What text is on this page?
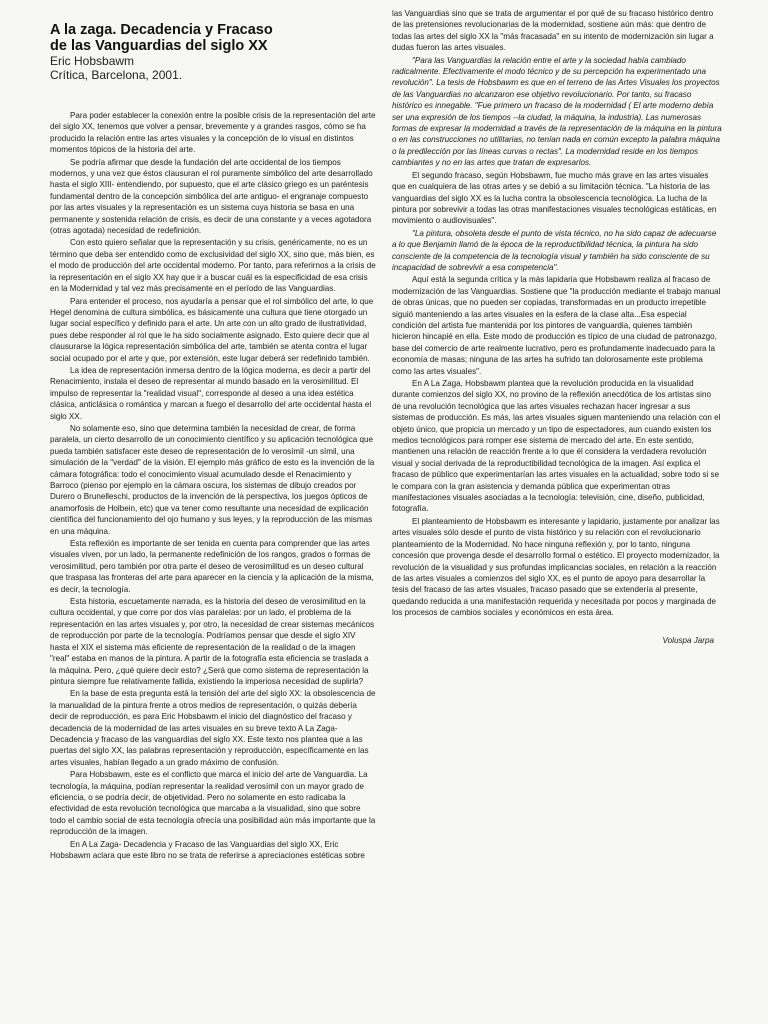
A la zaga. Decadencia y Fracaso

de las Vanguardias del siglo XX

Eric Hobsbawm

Crítica, Barcelona, 2001.

Para poder establecer la conexión entre la posible crisis de la representación del arte del siglo XX, tenemos que volver a pensar, brevemente y a grandes rasgos, cómo se ha producido la relación entre las artes visuales y la concepción de lo visual en distintos momentos tópicos de la historia del arte.

Se podría afirmar que desde la fundación del arte occidental de los tiempos modernos, y una vez que éstos clausuran el rol puramente simbólico del arte desarrollado hasta el siglo XIII- entendiendo, por supuesto, que el arte clásico griego es un paréntesis fundamental dentro de la concepción simbólica del arte antiguo- el engranaje compuesto por las artes visuales y la representación es un sistema cuya historia se basa en una permanente y sostenida relación de crisis, es decir de una constante y a veces agotadora (otras agotada) necesidad de redefinición.

Con esto quiero señalar que la representación y su crisis, genéricamente, no es un término que deba ser entendido como de exclusividad del siglo XX, sino que, más bien, es el modo de producción del arte occidental moderno. Por tanto, para referirnos a la crisis de la representación en el siglo XX hay que ir a buscar cuál es la especificidad de esa crisis en la Modernidad y tal vez más precisamente en el período de las Vanguardias.

Para entender el proceso, nos ayudaría a pensar que el rol simbólico del arte, lo que Hegel denomina de cultura simbólica, es básicamente una cultura que tiene otorgado un lugar social específico y definido para el arte. Un arte con un alto grado de ilustratividad, pues debe responder al rol que le ha sido socialmente asignado. Esto quiere decir que al clausurarse la lógica representación simbólica del arte, también se atenta contra el lugar social ocupado por el arte y que, por extensión, este lugar deberá ser redefinido también.

La idea de representación inmersa dentro de la lógica moderna, es decir a partir del Renacimiento, instala el deseo de representar al mundo basado en la verosimilitud. El impulso de representar la "realidad visual", corresponde al deseo a una idea estética clásica, anticlásica o romántica y marcan a fuego el desarrollo del arte occidental hasta el siglo XX.

No solamente eso, sino que determina también la necesidad de crear, de forma paralela, un cierto desarrollo de un conocimiento científico y su aplicación tecnológica que pueda también satisfacer este deseo de representación de lo verosímil -un símil, una simulación de la "verdad" de la visión. El ejemplo más gráfico de esto es la invención de la cámara fotográfica: todo el conocimiento visual acumulado desde el Renacimiento y Barroco (pienso por ejemplo en la cámara oscura, los sistemas de dibujo creados por Durero o Brunelleschi, productos de la invención de la perspectiva, los juegos ópticos de anamorfosis de Holbein, etc) que va tener como resultante una necesidad de explicación científica del funcionamiento del ojo humano y sus leyes, y la reproducción de las mismas en una máquina.

Esta reflexión es importante de ser tenida en cuenta para comprender que las artes visuales viven, por un lado, la permanente redefinición de los rangos, grados o formas de verosimilitud, pero también por otra parte el deseo de verosimilitud es un deseo cultural que traspasa las fronteras del arte para aparecer en la ciencia y la aplicación de la misma, es decir, la tecnología.

Esta historia, escuetamente narrada, es la historia del deseo de verosimilitud en la cultura occidental, y que corre por dos vías paralelas: por un lado, el problema de la representación en las artes visuales y, por otro, la necesidad de crear sistemas mecánicos de reproducción por parte de la tecnología. Podríamos pensar que desde el siglo XIV hasta el XIX el sistema más eficiente de representación de la realidad o de la imagen "real" estaba en manos de la pintura. A partir de la fotografía esta eficiencia se traslada a la máquina. Pero, ¿qué quiere decir esto? ¿Será que como sistema de representación la pintura siempre fue relativamente fallida, existiendo la imperiosa necesidad de suplirla?

En la base de esta pregunta está la tensión del arte del siglo XX: la obsolescencia de la manualidad de la pintura frente a otros medios de representación, o quizás debería decir de reproducción, es para Eric Hobsbawm el inicio del diagnóstico del fracaso y decadencia de la modernidad de las artes visuales en su breve texto A La Zaga- Decadencia y fracaso de las vanguardias del siglo XX. Este texto nos plantea que a las puertas del siglo XX, las palabras representación y reproducción, específicamente en las artes visuales, habían llegado a un grado máximo de confusión.

Para Hobsbawm, este es el conflicto que marca el inicio del arte de Vanguardia. La tecnología, la máquina, podían representar la realidad verosímil con un mayor grado de eficiencia, o se podría decir, de objetividad. Pero no solamente en esto radicaba la efectividad de esta revolución tecnológica que marcaba a la visualidad, sino que sobre todo el cambio social de esta tecnología ofrecía una posibilidad aún más importante que la reproducción de la imagen.

En A La Zaga- Decadencia y Fracaso de las Vanguardias del siglo XX, Eric Hobsbawm aclara que este libro no se trata de referirse a apreciaciones estéticas sobre

las Vanguardias sino que se trata de argumentar el por qué de su fracaso histórico dentro de las pretensiones revolucionarias de la modernidad, sostiene aún más: que dentro de todas las artes del siglo XX la "más fracasada" en su intento de modernización sin lugar a dudas fueron las artes visuales.

"Para las Vanguardias la relación entre el arte y la sociedad había cambiado radicalmente. Efectivamente el modo técnico y de su percepción ha experimentado una revolución". La tesis de Hobsbawm es que en el terreno de las Artes Visuales los proyectos de las Vanguardias no alcanzaron ese objetivo revolucionario. Por tanto, su fracaso histórico es innegable. "Fue primero un fracaso de la modernidad ( El arte moderno debía ser una expresión de los tiempos --la ciudad, la máquina, la industria). Las numerosas formas de expresar la modernidad a través de la representación de la máquina en la pintura o en las construcciones no utilitarias, no tenían nada en común excepto la palabra máquina o la predilección por las líneas curvas o rectas". La modernidad reside en los tiempos cambiantes y no en las artes que tratan de expresarlos.

El segundo fracaso, según Hobsbawm, fue mucho más grave en las artes visuales que en cualquiera de las otras artes y se debió a su limitación técnica. "La historia de las vanguardias del siglo XX es la lucha contra la obsolescencia tecnológica. La lucha de la pintura por sobrevivir a todas las otras manifestaciones visuales tecnológicas estáticas, en movimiento o audiovisuales".

"La pintura, obsoleta desde el punto de vista técnico, no ha sido capaz de adecuarse a lo que Benjamin llamó de la época de la reproductibilidad técnica, la pintura ha sido consciente de la competencia de la tecnología visual y también ha sido consciente de su incapacidad de sobrevivir a esa competencia".

Aquí está la segunda crítica y la más lapidaria que Hobsbawm realiza al fracaso de modernización de las Vanguardias. Sostiene que "la producción mediante el trabajo manual de obras únicas, que no pueden ser copiadas, transformadas en un producto irrepetible siguió manteniendo a las artes visuales en la esfera de la clase alta...Esa especial condición del artista fue mantenida por los pintores de vanguardia, quienes también hicieron hincapié en ella. Este modo de producción es típico de una ciudad de patronazgo, base del comercio de arte realmente lucrativo, pero es profundamente inadecuado para la economía de masas; ninguna de las artes ha sufrido tan dolorosamente este problema como las artes visuales".

En A La Zaga, Hobsbawm plantea que la revolución producida en la visualidad durante comienzos del siglo XX, no provino de la reflexión anecdótica de los artistas sino de una revolución tecnológica que las artes visuales rechazan hacer ingresar a sus sistemas de producción. Es más, las artes visuales siguen manteniendo una relación con el objeto único, que propicia un mercado y un tipo de espectadores, aun cuando existen los medios tecnológicos para romper ese sistema de mercado del arte. En este sentido, mantienen una relación de reacción frente a lo que él considera la verdadera revolución visual y social derivada de la reproductibilidad tecnológica de la imagen. Así explica el fracaso de público que experimentarían las artes visuales en la actualidad, sobre todo si se le compara con la gran asistencia y demanda pública que experimentan otras manifestaciones visuales asociadas a la tecnología: televisión, cine, diseño, publicidad, fotografía.

El planteamiento de Hobsbawm es interesante y lapidario, justamente por analizar las artes visuales sólo desde el punto de vista histórico y su relación con el revolucionario planteamiento de la Modernidad. No hace ninguna reflexión y, por lo tanto, ninguna concesión que provenga desde el desarrollo formal o estético. El proyecto modernizador, la revolución de la visualidad y sus profundas implicancias sociales, en relación a la reacción de las artes visuales a comienzos del siglo XX, es el punto de apoyo para desarrollar la tesis del fracaso de las artes visuales, fracaso pasado que se extendería al presente, quedando reducida a una manifestación requerida y necesitada por pocos y marginada de los procesos de cambios sociales y económicos en esta área.

Voluspa Jarpa
